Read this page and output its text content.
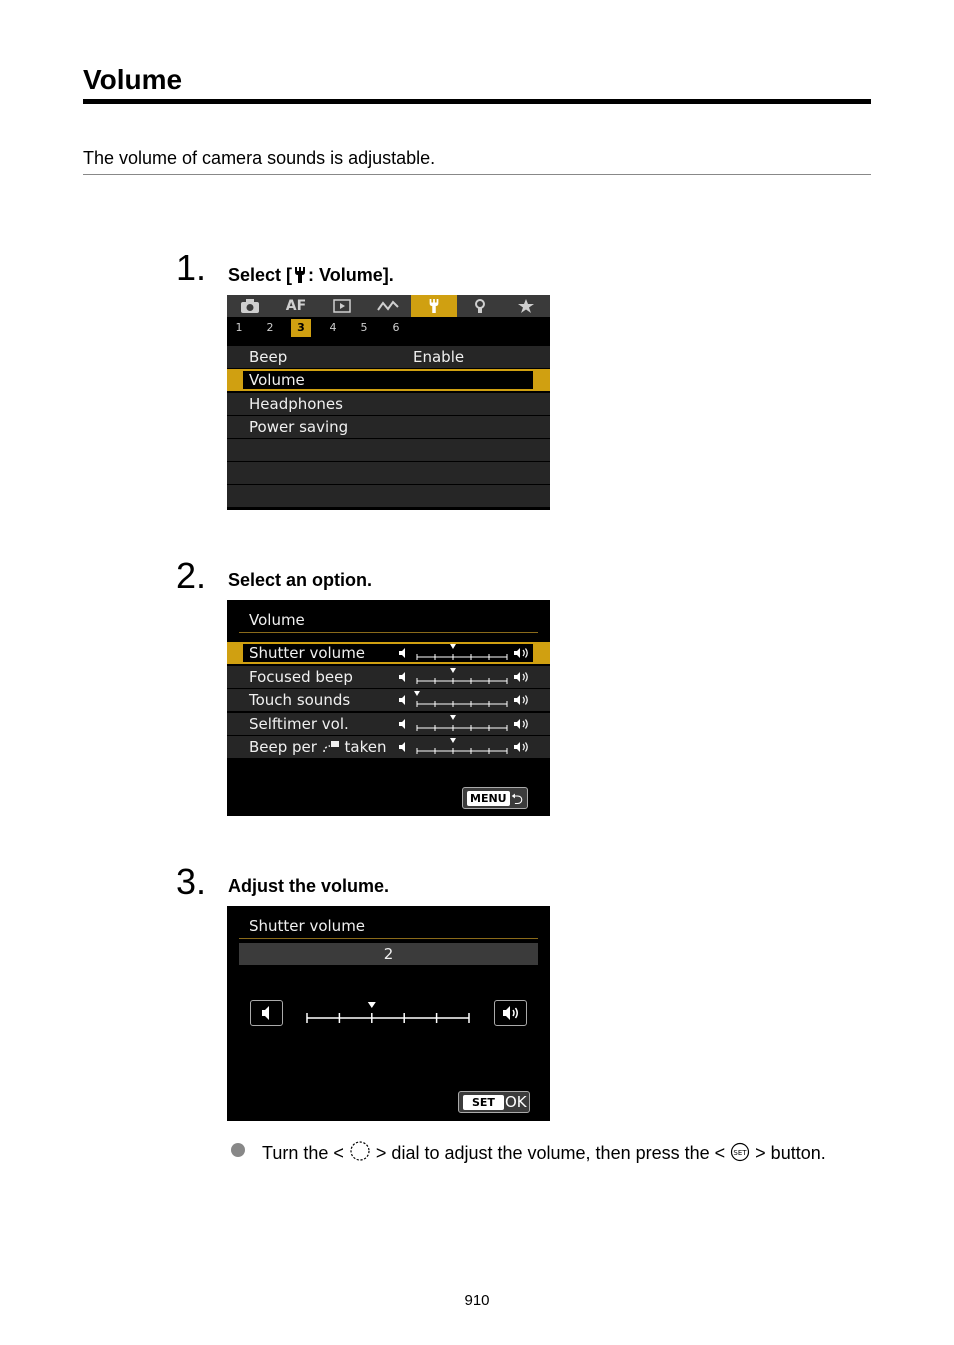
Volume
The volume of camera sounds is adjustable.
1. Select [ : Volume].
AF
1	2	3	4	5	6
Beep	Enable
Volume
Headphones
Power saving
2. Select an option.
Volume
Shutter volume
Focused beep
Touch sounds
Selftimer vol.
Beep per taken
MENU ⮌
3. Adjust the volume.
Shutter volume
2
SET OK
Turn the < > dial to adjust the volume, then press the < SET > button.
910
